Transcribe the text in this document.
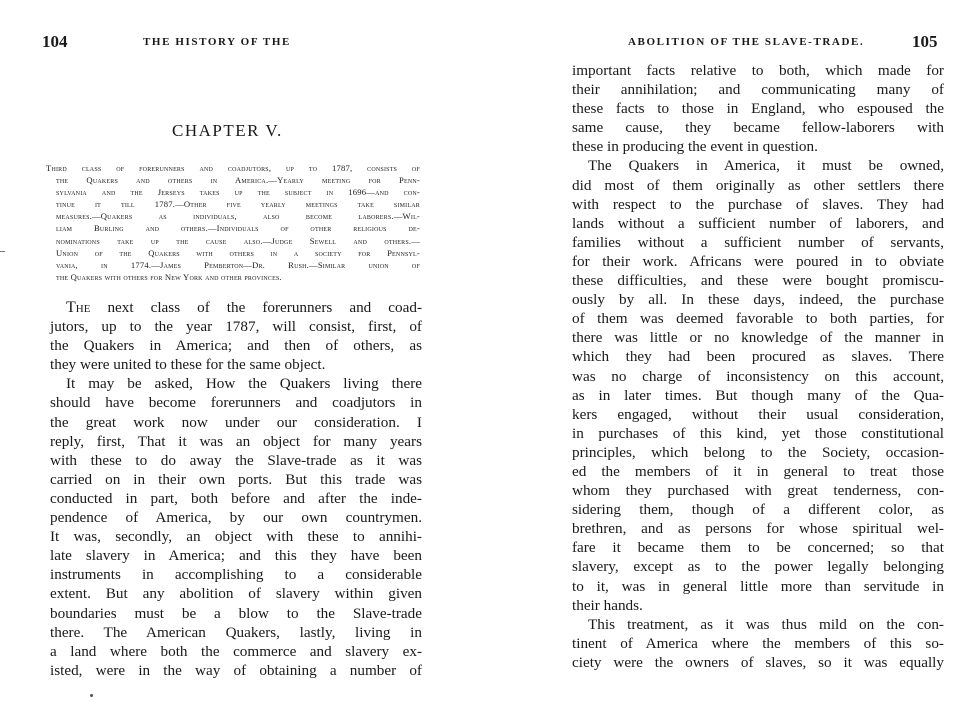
104	THE HISTORY OF THE
CHAPTER V.
Third class of forerunners and coadjutors, up to 1787, consists of
the Quakers and others in America.—Yearly meeting for Penn-
sylvania and the Jerseys takes up the subject in 1696—and con-
tinue it till 1787.—Other five yearly meetings take similar
measures.—Quakers as individuals, also become laborers.—Wil-
liam Burling and others.—Individuals of other religious de-
nominations take up the cause also.—Judge Sewell and others.—
Union of the Quakers with others in a society for Pennsyl-
vania, in 1774.—James Pemberton—Dr. Rush.—Similar union of
the Quakers with others for New York and other provinces.
The next class of the forerunners and coad-
jutors, up to the year 1787, will consist, first, of
the Quakers in America; and then of others, as
they were united to these for the same object.
It may be asked, How the Quakers living there
should have become forerunners and coadjutors in
the great work now under our consideration. I
reply, first, That it was an object for many years
with these to do away the Slave-trade as it was
carried on in their own ports. But this trade was
conducted in part, both before and after the inde-
pendence of America, by our own countrymen.
It was, secondly, an object with these to annihi-
late slavery in America; and this they have been
instruments in accomplishing to a considerable
extent. But any abolition of slavery within given
boundaries must be a blow to the Slave-trade
there. The American Quakers, lastly, living in
a land where both the commerce and slavery ex-
isted, were in the way of obtaining a number of
ABOLITION OF THE SLAVE-TRADE.	105
important facts relative to both, which made for
their annihilation; and communicating many of
these facts to those in England, who espoused the
same cause, they became fellow-laborers with
these in producing the event in question.
The Quakers in America, it must be owned,
did most of them originally as other settlers there
with respect to the purchase of slaves. They had
lands without a sufficient number of laborers, and
families without a sufficient number of servants,
for their work. Africans were poured in to obviate
these difficulties, and these were bought promiscu-
ously by all. In these days, indeed, the purchase
of them was deemed favorable to both parties, for
there was little or no knowledge of the manner in
which they had been procured as slaves. There
was no charge of inconsistency on this account,
as in later times. But though many of the Qua-
kers engaged, without their usual consideration,
in purchases of this kind, yet those constitutional
principles, which belong to the Society, occasion-
ed the members of it in general to treat those
whom they purchased with great tenderness, con-
sidering them, though of a different color, as
brethren, and as persons for whose spiritual wel-
fare it became them to be concerned; so that
slavery, except as to the power legally belonging
to it, was in general little more than servitude in
their hands.
This treatment, as it was thus mild on the con-
tinent of America where the members of this so-
ciety were the owners of slaves, so it was equally
